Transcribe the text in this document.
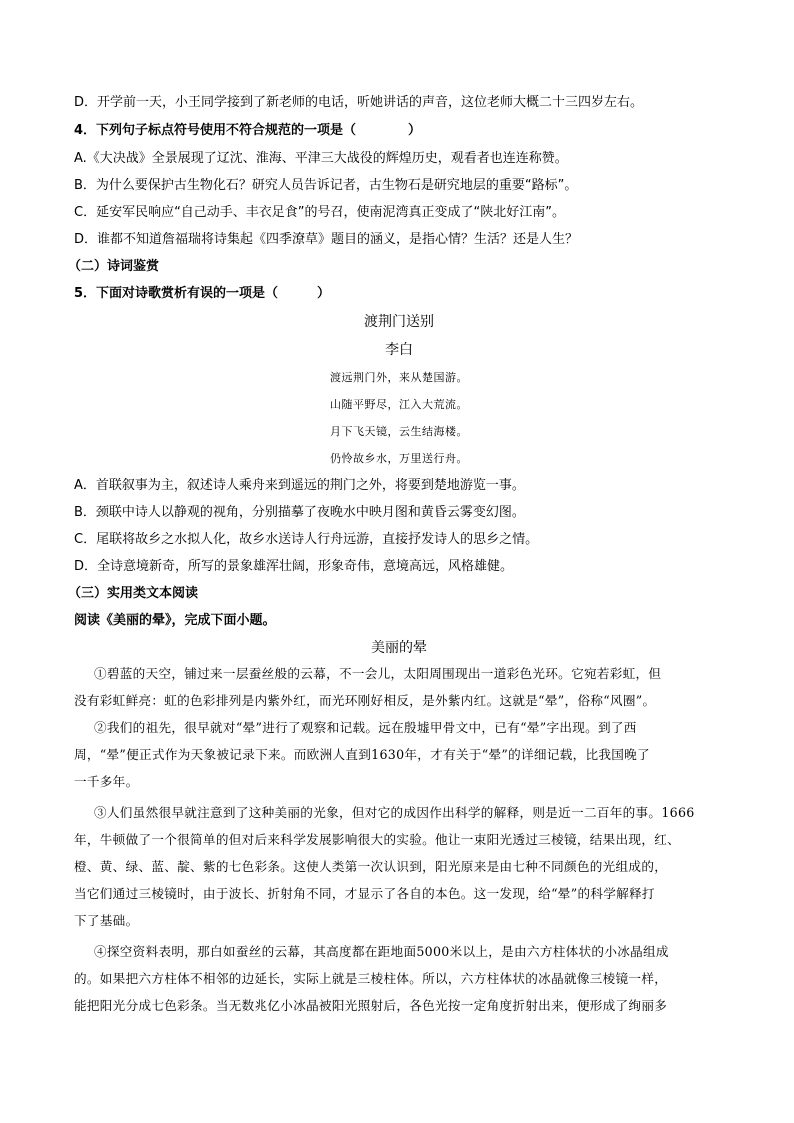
D．开学前一天，小王同学接到了新老师的电话，听她讲话的声音，这位老师大概二十三四岁左右。
4．下列句子标点符号使用不符合规范的一项是（　　　　）
A.《大决战》全景展现了辽沈、淮海、平津三大战役的辉煌历史，观看者也连连称赞。
B．为什么要保护古生物化石？研究人员告诉记者，古生物石是研究地层的重要“路标”。
C．延安军民响应“自己动手、丰衣足食”的号召，使南泥湾真正变成了“陕北好江南”。
D．谁都不知道詹福瑞将诗集起《四季潦草》题目的涵义，是指心情？生活？还是人生？
（二）诗词鉴赏
5．下面对诗歌赏析有误的一项是（　　　）
渡荆门送别
李白
渡远荆门外，来从楚国游。
山随平野尽，江入大荒流。
月下飞天镜，云生结海楼。
仍怜故乡水，万里送行舟。
A．首联叙事为主，叙述诗人乘舟来到遥远的荆门之外，将要到楚地游览一事。
B．颈联中诗人以静观的视角，分别描摹了夜晚水中映月图和黄昏云雾变幻图。
C．尾联将故乡之水拟人化，故乡水送诗人行舟远游，直接抒发诗人的思乡之情。
D．全诗意境新奇，所写的景象雄浑壮阔，形象奇伟，意境高远，风格雄健。
（三）实用类文本阅读
阅读《美丽的晕》，完成下面小题。
美丽的晕
①碧蓝的天空，铺过来一层蚕丝般的云幕，不一会儿，太阳周围现出一道彩色光环。它宛若彩虹，但
没有彩虹鲜亮：虹的色彩排列是内紫外红，而光环刚好相反，是外紫内红。这就是“晕”，俗称“风圈”。
②我们的祖先，很早就对“晕”进行了观察和记载。远在殷墟甲骨文中，已有“晕”字出现。到了西
周，“晕”便正式作为天象被记录下来。而欧洲人直到1630年，才有关于“晕”的详细记载，比我国晚了
一千多年。
③人们虽然很早就注意到了这种美丽的光象，但对它的成因作出科学的解释，则是近一二百年的事。1666
年，牛顿做了一个很简单的但对后来科学发展影响很大的实验。他让一束阳光透过三棱镜，结果出现，红、
橙、黄、绿、蓝、靛、紫的七色彩条。这使人类第一次认识到，阳光原来是由七种不同颜色的光组成的，
当它们通过三棱镜时，由于波长、折射角不同，才显示了各自的本色。这一发现，给“晕”的科学解释打
下了基础。
④探空资料表明，那白如蚕丝的云幕，其高度都在距地面5000米以上，是由六方柱体状的小冰晶组成
的。如果把六方柱体不相邻的边延长，实际上就是三棱柱体。所以，六方柱体状的冰晶就像三棱镜一样，
能把阳光分成七色彩条。当无数兆亿小冰晶被阳光照射后，各色光按一定角度折射出来，便形成了绚丽多
